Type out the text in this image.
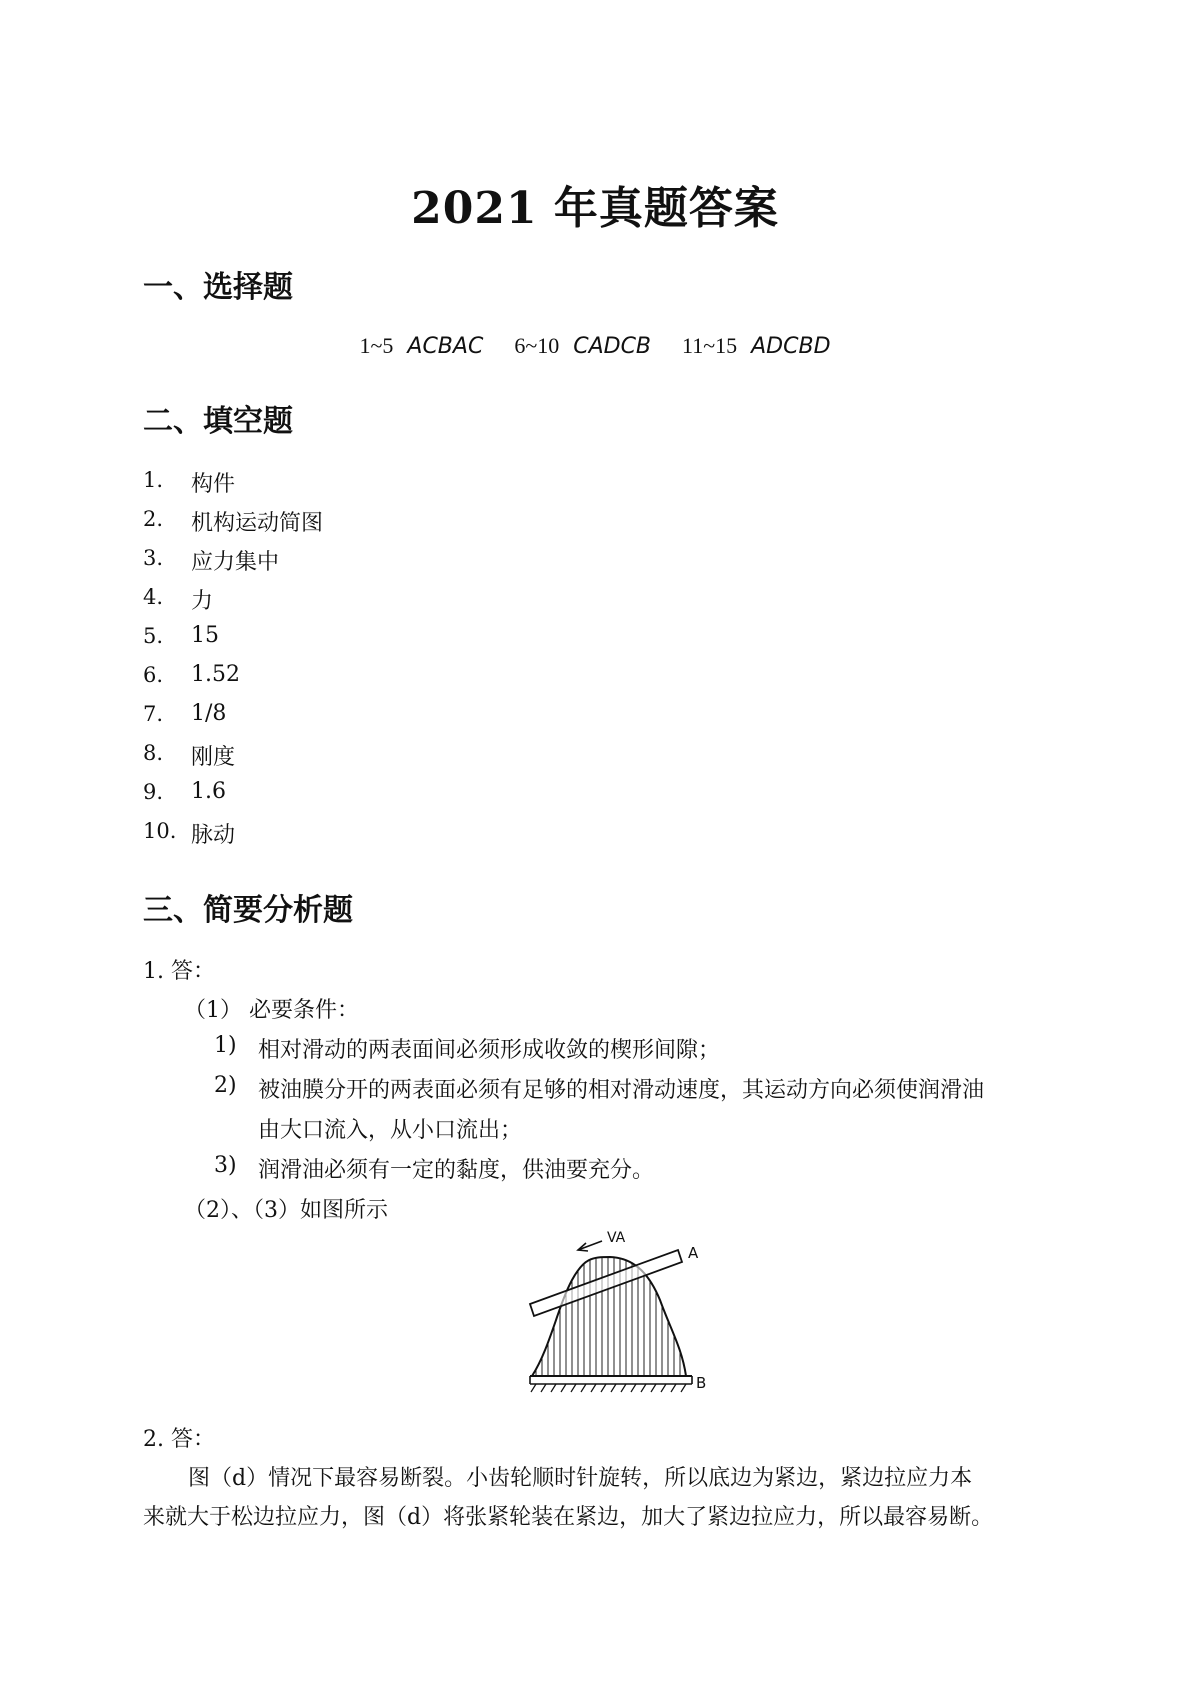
2021 年真题答案
一、选择题
1~5 ACBAC 6~10 CADCB 11~15 ADCBD
二、填空题
1. 构件
2. 机构运动简图
3. 应力集中
4. 力
5. 15
6. 1.52
7. 1/8
8. 刚度
9. 1.6
10. 脉动
三、简要分析题
1. 答：
（1） 必要条件：
1) 相对滑动的两表面间必须形成收敛的楔形间隙；
2) 被油膜分开的两表面必须有足够的相对滑动速度，其运动方向必须使润滑油
由大口流入，从小口流出；
3) 润滑油必须有一定的黏度，供油要充分。
（2）、（3）如图所示
VA
A
B
2. 答：
图（d）情况下最容易断裂。小齿轮顺时针旋转，所以底边为紧边，紧边拉应力本
来就大于松边拉应力，图（d）将张紧轮装在紧边，加大了紧边拉应力，所以最容易断。
